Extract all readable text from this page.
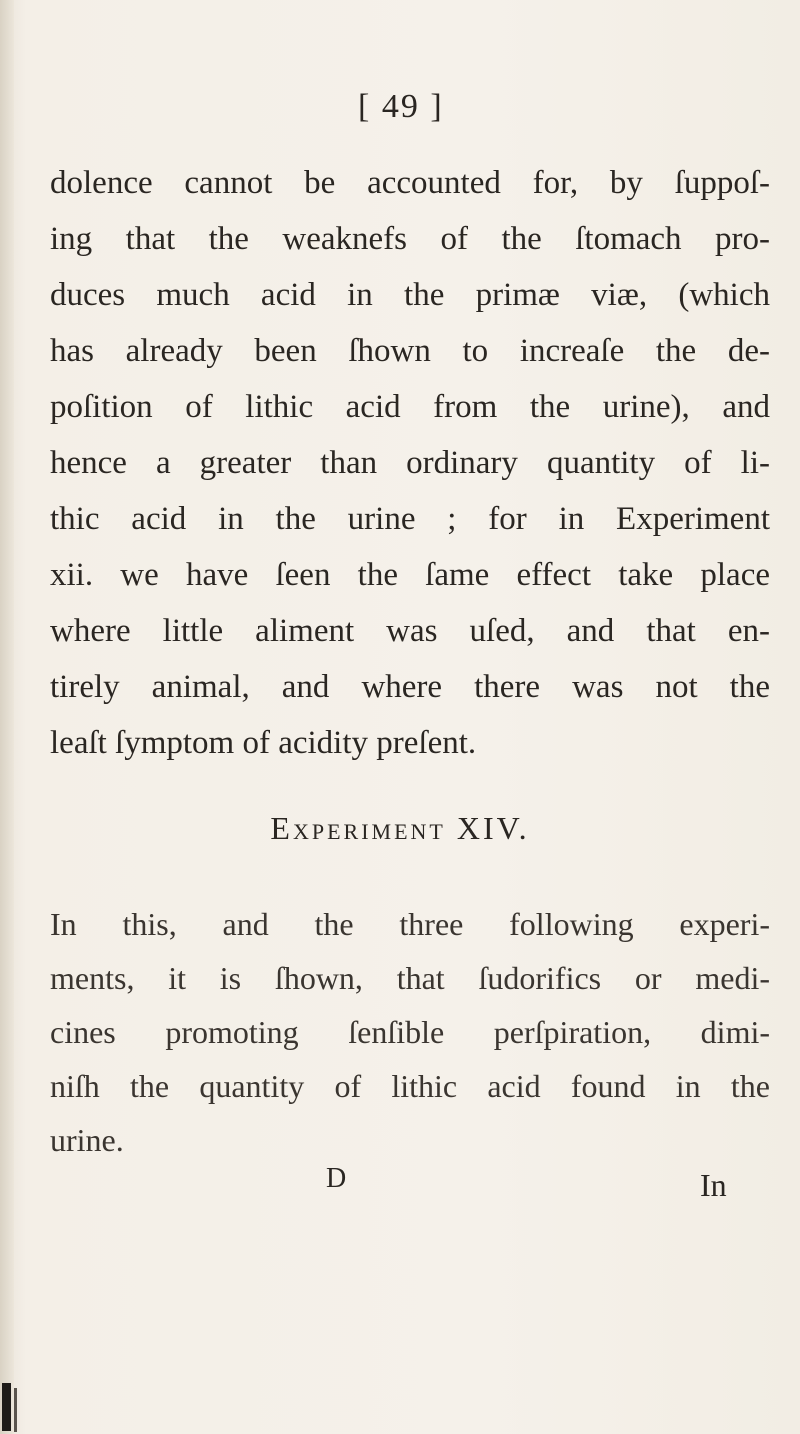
[ 49 ]
dolence cannot be accounted for, by ſuppoſ-
ing that the weaknefs of the ſtomach pro-
duces much acid in the primæ viæ, (which
has already been ſhown to increaſe the de-
poſition of lithic acid from the urine), and
hence a greater than ordinary quantity of li-
thic acid in the urine ; for in Experiment
xii. we have ſeen the ſame effect take place
where little aliment was uſed, and that en-
tirely animal, and where there was not the
leaſt ſymptom of acidity preſent.
Experiment XIV.
In this, and the three following experi-
ments, it is ſhown, that ſudorifics or medi-
cines promoting ſenſible perſpiration, dimi-
niſh the quantity of lithic acid found in the
urine.
D	In
